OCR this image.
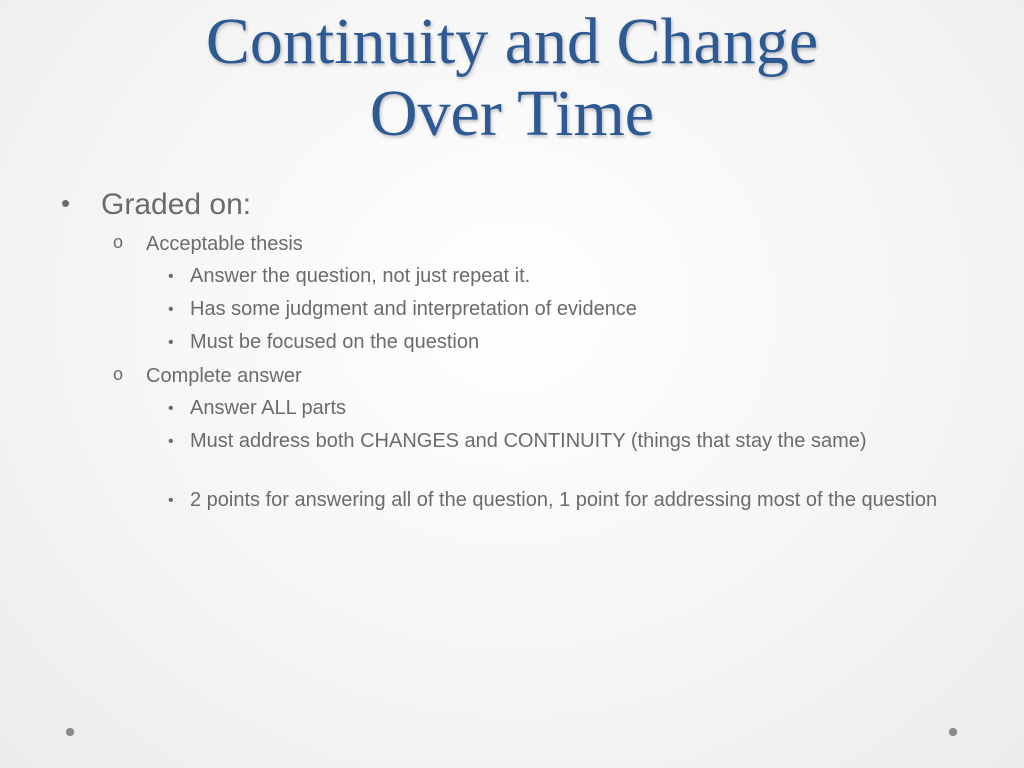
Continuity and Change
Over Time
• Graded on:
o Acceptable thesis
• Answer the question, not just repeat it.
• Has some judgment and interpretation of evidence
• Must be focused on the question
o Complete answer
• Answer ALL parts
• Must address both CHANGES and CONTINUITY (things that stay the same)
• 2 points for answering all of the question, 1 point for addressing most of the question
